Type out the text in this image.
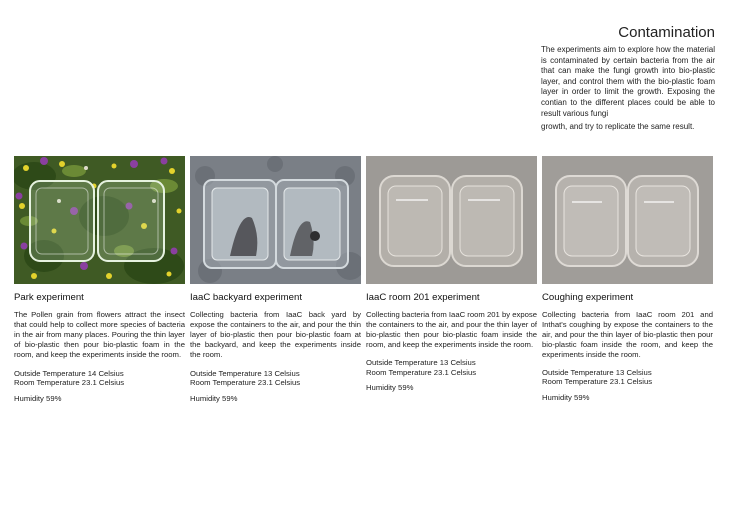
Contamination

The experiments aim to explore how the material is contaminated by certain bacteria from the air that can make the fungi growth into bio-plastic layer, and control them with the bio-plastic foam layer in order to limit the growth. Exposing the contian to the different places could be able to result various fungi

growth, and try to replicate the same result.

Park experiment
The Pollen grain from flowers attract the insect that could help to collect more species of bacteria in the air from many places. Pouring the thin layer of bio-plastic then pour bio-plastic foam in the room, and keep the experiments inside the room.
Outside Temperature 14 Celsius
Room Temperature 23.1 Celsius
Humidity 59%
IaaC backyard experiment
Collecting bacteria from IaaC back yard by expose the containers to the air, and pour the thin layer of bio-plastic then pour bio-plastic foam at the backyard, and keep the experiments inside the room.
Outside Temperature 13 Celsius
Room Temperature 23.1 Celsius
Humidity 59%
IaaC room 201 experiment
Collecting bacteria from IaaC room 201 by expose the containers to the air, and pour the thin layer of bio-plastic then pour bio-plastic foam inside the room, and keep the experiments inside the room.
Outside Temperature 13 Celsius
Room Temperature 23.1 Celsius
Humidity 59%
Coughing experiment
Collecting bacteria from IaaC room 201 and Inthat's coughing by expose the containers to the air, and pour the thin layer of bio-plastic then pour bio-plastic foam inside the room, and keep the experiments inside the room.
Outside Temperature 13 Celsius
Room Temperature 23.1 Celsius
Humidity 59%
